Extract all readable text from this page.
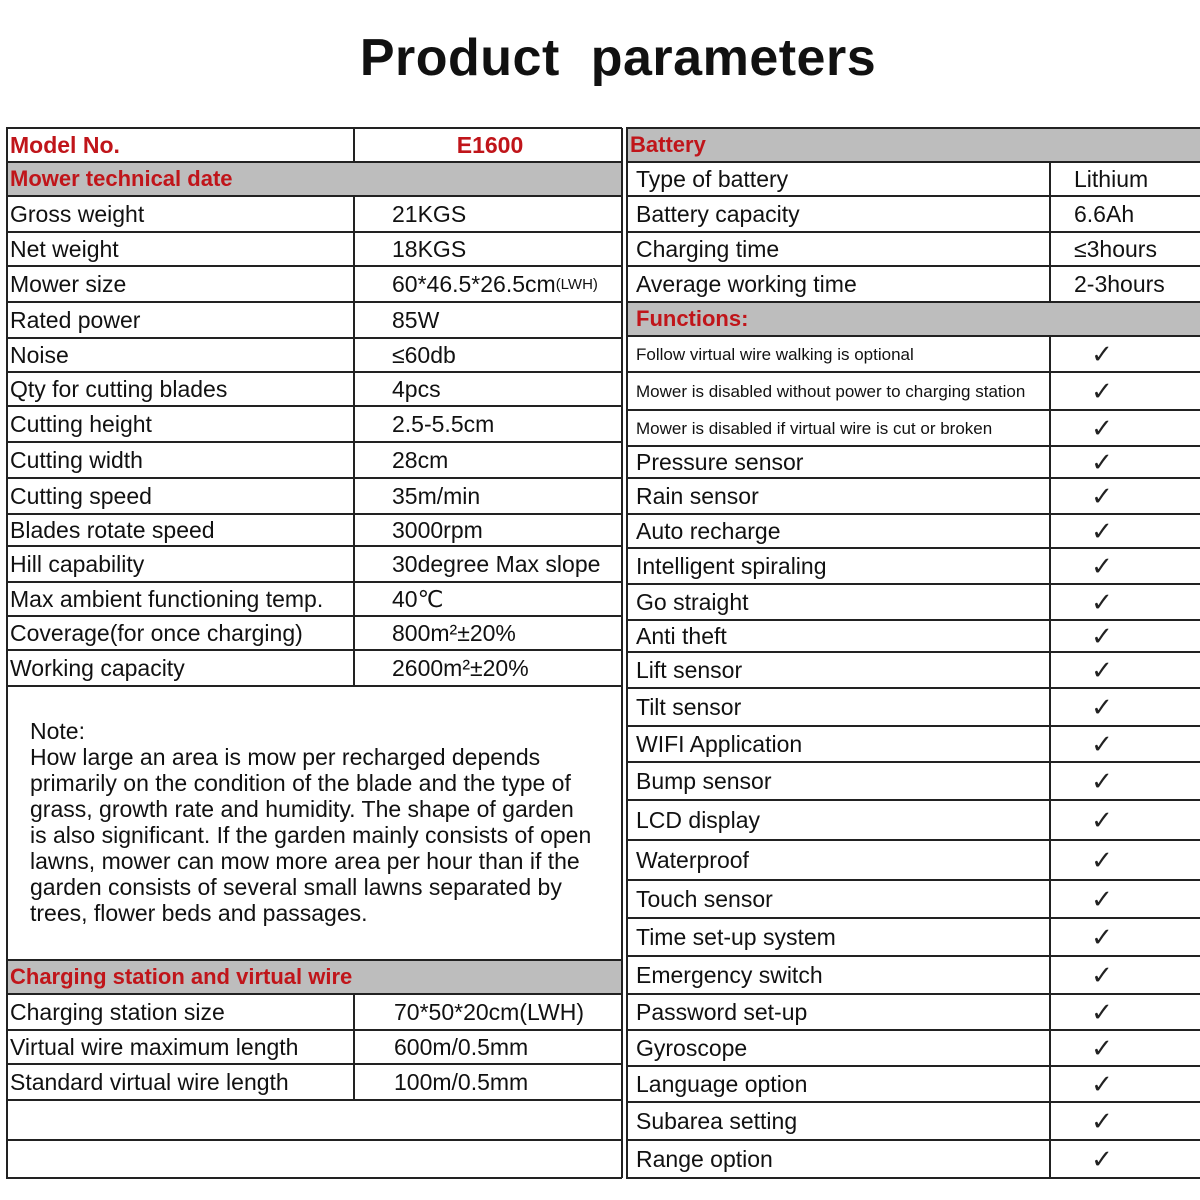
Product parameters
Model No.	E1600
Mower technical date
Gross weight	21KGS
Net weight	18KGS
Mower size	60*46.5*26.5cm (LWH)
Rated power	85W
Noise	≤60db
Qty for cutting blades	4pcs
Cutting height	2.5-5.5cm
Cutting width	28cm
Cutting speed	35m/min
Blades rotate speed	3000rpm
Hill capability	30degree Max slope
Max ambient functioning temp.	40℃
Coverage(for once charging)	800m²±20%
Working capacity	2600m²±20%
Charging station and virtual wire
Charging station size	70*50*20cm(LWH)
Virtual wire maximum length	600m/0.5mm
Standard virtual wire length	100m/0.5mm
Battery
Type of battery	Lithium
Battery capacity	6.6Ah
Charging time	≤3hours
Average working time	2-3hours
Functions:
Follow virtual wire walking is optional	✓
Mower is disabled without power to charging station	✓
Mower is disabled if virtual wire is cut or broken	✓
Pressure sensor	✓
Rain sensor	✓
Auto recharge	✓
Intelligent spiraling	✓
Go straight	✓
Anti theft	✓
Lift sensor	✓
Tilt sensor	✓
WIFI Application	✓
Bump sensor	✓
LCD display	✓
Waterproof	✓
Touch sensor	✓
Time set-up system	✓
Emergency switch	✓
Password set-up	✓
Gyroscope	✓
Language option	✓
Subarea setting	✓
Range option	✓
Note:
How large an area is mow per recharged depends
primarily on the condition of the blade and the type of
grass, growth rate and humidity. The shape of garden
is also significant. If the garden mainly consists of open
lawns, mower can mow more area per hour than if the
garden consists of several small lawns separated by
trees, flower beds and passages.
